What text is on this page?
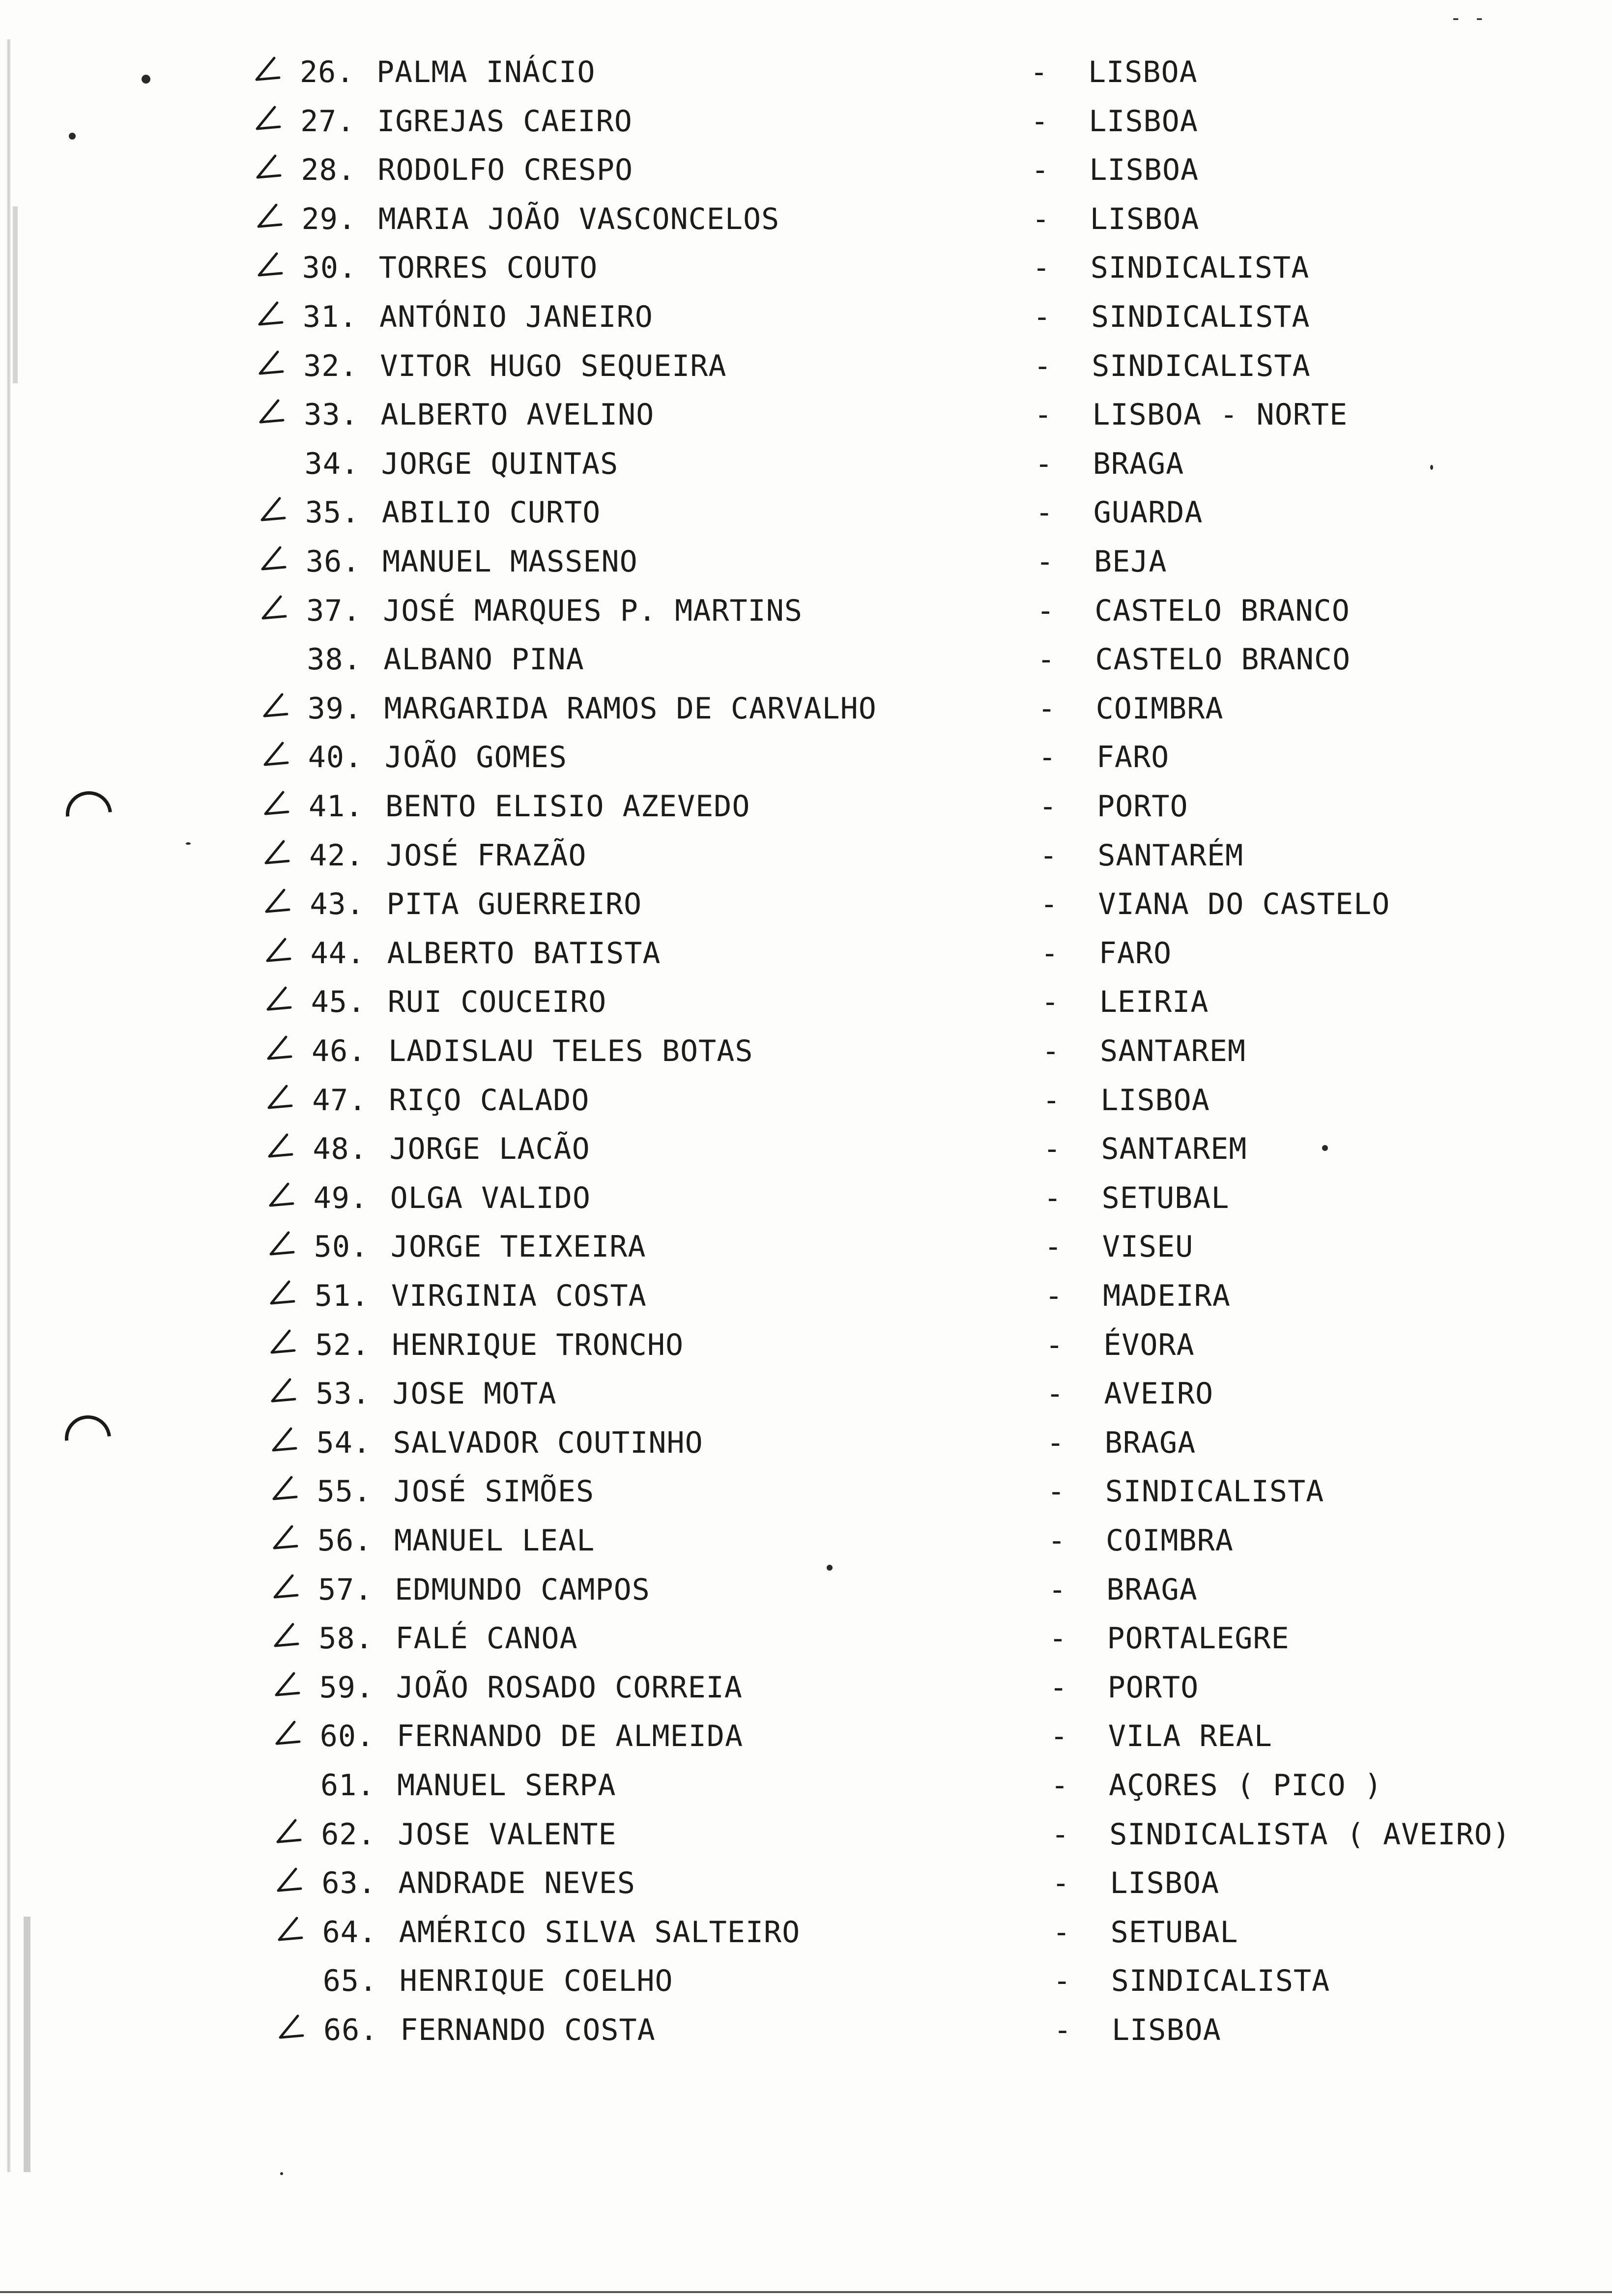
- -
26. PALMA INÁCIO	- LISBOA
27. IGREJAS CAEIRO	- LISBOA
28. RODOLFO CRESPO	- LISBOA
29. MARIA JOÃO VASCONCELOS	- LISBOA
30. TORRES COUTO	- SINDICALISTA
31. ANTÓNIO JANEIRO	- SINDICALISTA
32. VITOR HUGO SEQUEIRA	- SINDICALISTA
33. ALBERTO AVELINO	- LISBOA - NORTE
34. JORGE QUINTAS	- BRAGA
35. ABILIO CURTO	- GUARDA
36. MANUEL MASSENO	- BEJA
37. JOSÉ MARQUES P. MARTINS	- CASTELO BRANCO
38. ALBANO PINA	- CASTELO BRANCO
39. MARGARIDA RAMOS DE CARVALHO	- COIMBRA
40. JOÃO GOMES	- FARO
41. BENTO ELISIO AZEVEDO	- PORTO
42. JOSÉ FRAZÃO	- SANTARÉM
43. PITA GUERREIRO	- VIANA DO CASTELO
44. ALBERTO BATISTA	- FARO
45. RUI COUCEIRO	- LEIRIA
46. LADISLAU TELES BOTAS	- SANTAREM
47. RIÇO CALADO	- LISBOA
48. JORGE LACÃO	- SANTAREM
49. OLGA VALIDO	- SETUBAL
50. JORGE TEIXEIRA	- VISEU
51. VIRGINIA COSTA	- MADEIRA
52. HENRIQUE TRONCHO	- ÉVORA
53. JOSE MOTA	- AVEIRO
54. SALVADOR COUTINHO	- BRAGA
55. JOSÉ SIMÕES	- SINDICALISTA
56. MANUEL LEAL	- COIMBRA
57. EDMUNDO CAMPOS	- BRAGA
58. FALÉ CANOA	- PORTALEGRE
59. JOÃO ROSADO CORREIA	- PORTO
60. FERNANDO DE ALMEIDA	- VILA REAL
61. MANUEL SERPA	- AÇORES ( PICO )
62. JOSE VALENTE	- SINDICALISTA ( AVEIRO)
63. ANDRADE NEVES	- LISBOA
64. AMÉRICO SILVA SALTEIRO	- SETUBAL
65. HENRIQUE COELHO	- SINDICALISTA
66. FERNANDO COSTA	- LISBOA
